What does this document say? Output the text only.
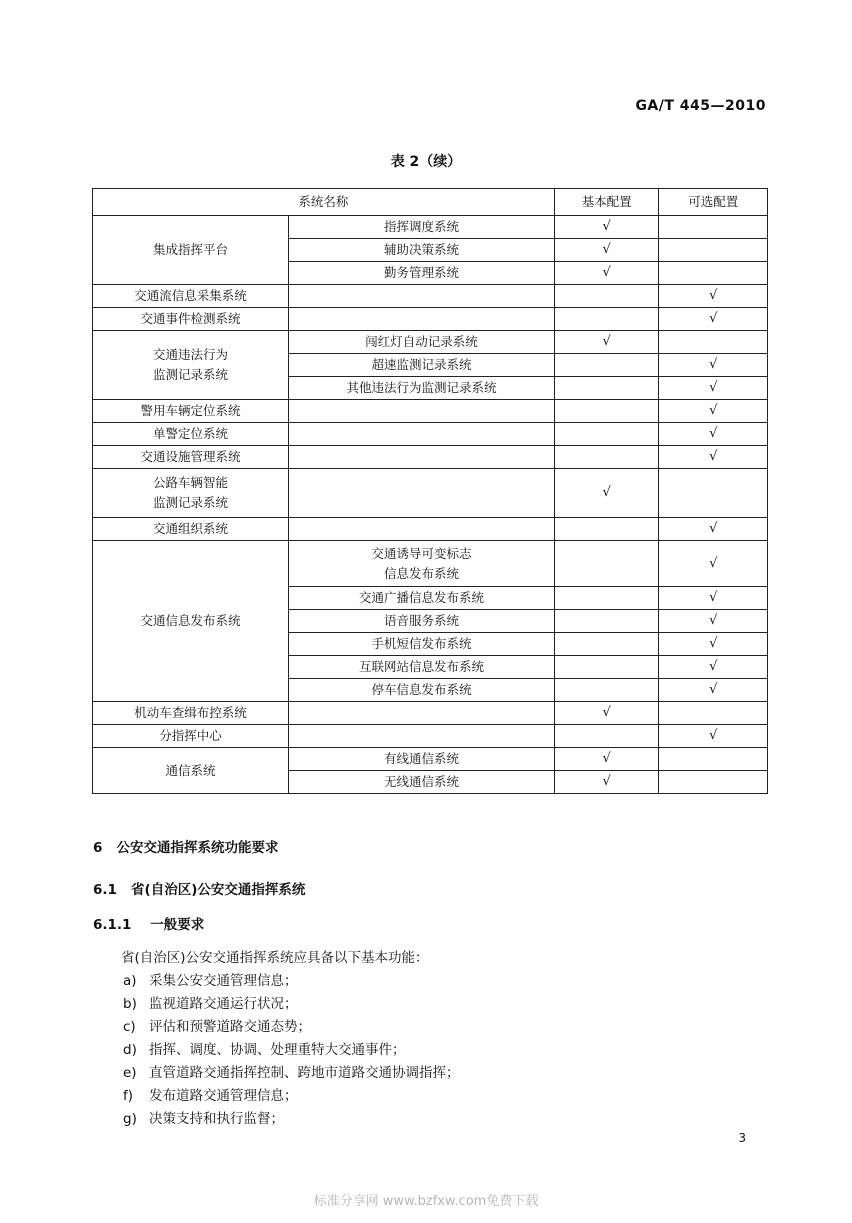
GA/T 445—2010
表 2（续）
系统名称		基本配置	可选配置
集成指挥平台	指挥调度系统	√	
	辅助决策系统	√	
	勤务管理系统	√	
交通流信息采集系统			√
交通事件检测系统			√
交通违法行为
监测记录系统	闯红灯自动记录系统	√	
	超速监测记录系统		√
	其他违法行为监测记录系统		√
警用车辆定位系统			√
单警定位系统			√
交通设施管理系统			√
公路车辆智能
监测记录系统		√	
交通组织系统			√
交通信息发布系统	交通诱导可变标志
信息发布系统		√
	交通广播信息发布系统		√
	语音服务系统		√
	手机短信发布系统		√
	互联网站信息发布系统		√
	停车信息发布系统		√
机动车查缉布控系统		√	
分指挥中心			√
通信系统	有线通信系统	√	
	无线通信系统	√	
6 公安交通指挥系统功能要求
6.1 省(自治区)公安交通指挥系统
6.1.1 一般要求
省(自治区)公安交通指挥系统应具备以下基本功能：
a) 采集公安交通管理信息；
b) 监视道路交通运行状况；
c) 评估和预警道路交通态势；
d) 指挥、调度、协调、处理重特大交通事件；
e) 直管道路交通指挥控制、跨地市道路交通协调指挥；
f) 发布道路交通管理信息；
g) 决策支持和执行监督；
3
标准分享网 www.bzfxw.com免费下载
